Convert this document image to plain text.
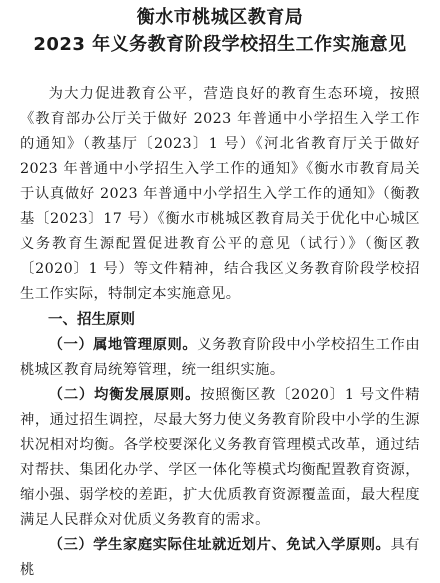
衡水市桃城区教育局
2023 年义务教育阶段学校招生工作实施意见

为大力促进教育公平，营造良好的教育生态环境，按照《教育部办公厅关于做好 2023 年普通中小学招生入学工作的通知》（教基厅〔2023〕1 号）《河北省教育厅关于做好 2023 年普通中小学招生入学工作的通知》《衡水市教育局关于认真做好 2023 年普通中小学招生入学工作的通知》（衡教基〔2023〕17 号）《衡水市桃城区教育局关于优化中心城区义务教育生源配置促进教育公平的意见（试行）》（衡区教〔2020〕1 号）等文件精神，结合我区义务教育阶段学校招生工作实际，特制定本实施意见。

一、招生原则

（一）属地管理原则。义务教育阶段中小学校招生工作由桃城区教育局统筹管理，统一组织实施。

（二）均衡发展原则。按照衡区教〔2020〕1 号文件精神，通过招生调控，尽最大努力使义务教育阶段中小学的生源状况相对均衡。各学校要深化义务教育管理模式改革，通过结对帮扶、集团化办学、学区一体化等模式均衡配置教育资源，缩小强、弱学校的差距，扩大优质教育资源覆盖面，最大程度满足人民群众对优质义务教育的需求。

（三）学生家庭实际住址就近划片、免试入学原则。具有桃
